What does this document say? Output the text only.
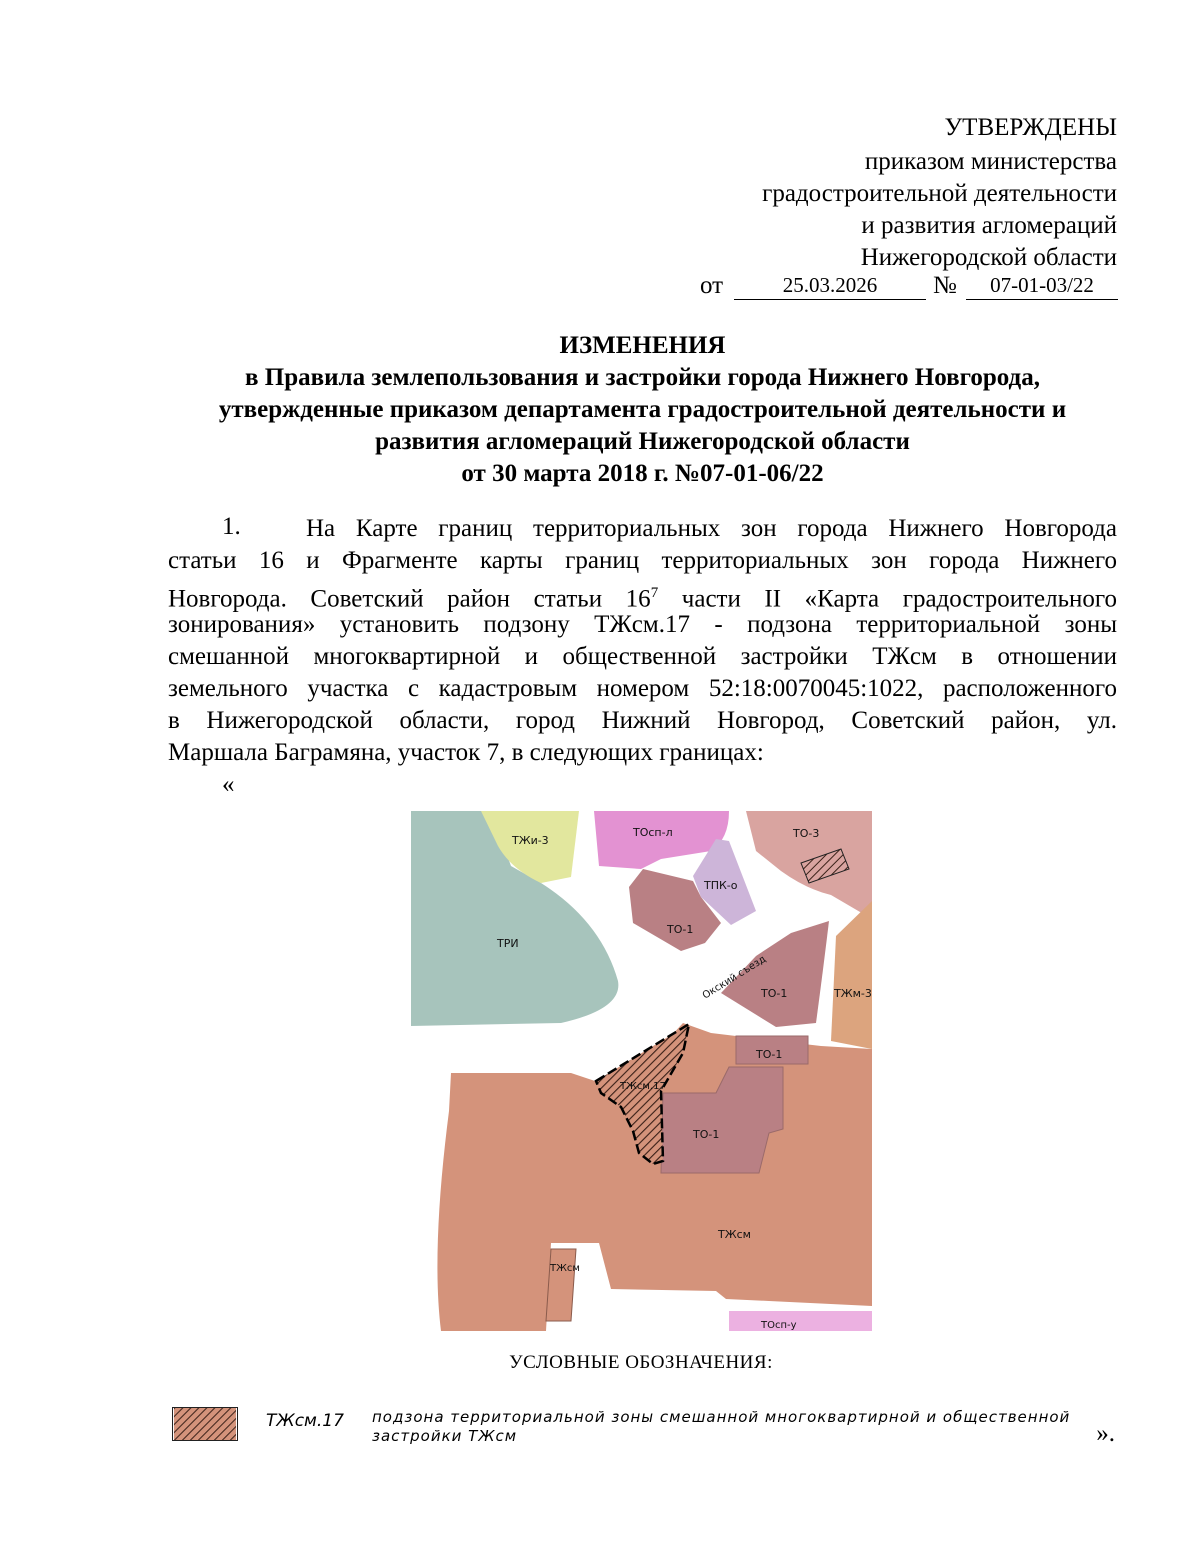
УТВЕРЖДЕНЫ
приказом министерства
градостроительной деятельности
и развития агломераций
Нижегородской области
от	25.03.2026	№	07-01-03/22
ИЗМЕНЕНИЯ
в Правила землепользования и застройки города Нижнего Новгорода,
утвержденные приказом департамента градостроительной деятельности и
развития агломераций Нижегородской области
от 30 марта 2018 г. №07-01-06/22
1.	На Карте границ территориальных зон города Нижнего Новгорода
статьи 16 и Фрагменте карты границ территориальных зон города Нижнего
Новгорода. Советский район статьи $16^7$ части II «Карта градостроительного
зонирования» установить подзону ТЖсм.17 - подзона территориальной зоны
смешанной многоквартирной и общественной застройки ТЖсм в отношении
земельного участка с кадастровым номером 52:18:0070045:1022, расположенного
в Нижегородской области, город Нижний Новгород, Советский район, ул.
Маршала Баграмяна, участок 7, в следующих границах:
«
ТЖи-3
ТОсп-л	ТО-3
ТРИ
ТПК-о
ТО-1
Окский съезд
ТО-1	ТЖм-3
ТО-1
ТЖсм.17
ТО-1
ТЖсм
ТЖсм
ТОсп-у
УСЛОВНЫЕ ОБОЗНАЧЕНИЯ:
ТЖсм.17 подзона территориальной зоны смешанной многоквартирной и общественной
застройки ТЖсм	».
